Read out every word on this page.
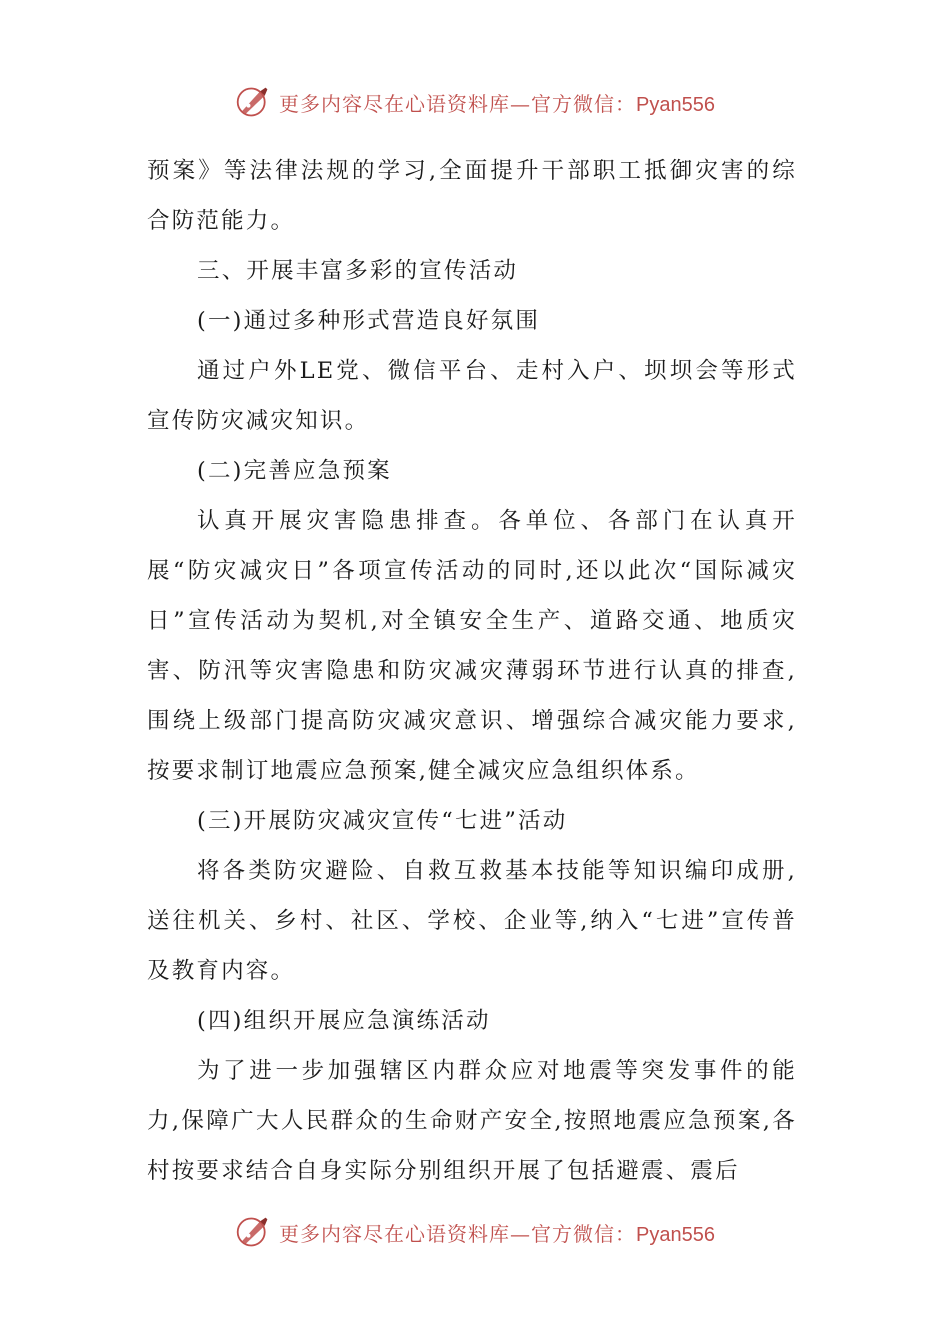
更多内容尽在心语资料库—官方微信：Pyan556

预案》等法律法规的学习,全面提升干部职工抵御灾害的综合防范能力。

三、开展丰富多彩的宣传活动

(一)通过多种形式营造良好氛围

通过户外LE党、微信平台、走村入户、坝坝会等形式宣传防灾减灾知识。

(二)完善应急预案

认真开展灾害隐患排查。各单位、各部门在认真开展“防灾减灾日”各项宣传活动的同时,还以此次“国际减灾日”宣传活动为契机,对全镇安全生产、道路交通、地质灾害、防汛等灾害隐患和防灾减灾薄弱环节进行认真的排查,围绕上级部门提高防灾减灾意识、增强综合减灾能力要求,按要求制订地震应急预案,健全减灾应急组织体系。

(三)开展防灾减灾宣传“七进”活动

将各类防灾避险、自救互救基本技能等知识编印成册,送往机关、乡村、社区、学校、企业等,纳入“七进”宣传普及教育内容。

(四)组织开展应急演练活动

为了进一步加强辖区内群众应对地震等突发事件的能力,保障广大人民群众的生命财产安全,按照地震应急预案,各村按要求结合自身实际分别组织开展了包括避震、震后

更多内容尽在心语资料库—官方微信：Pyan556
